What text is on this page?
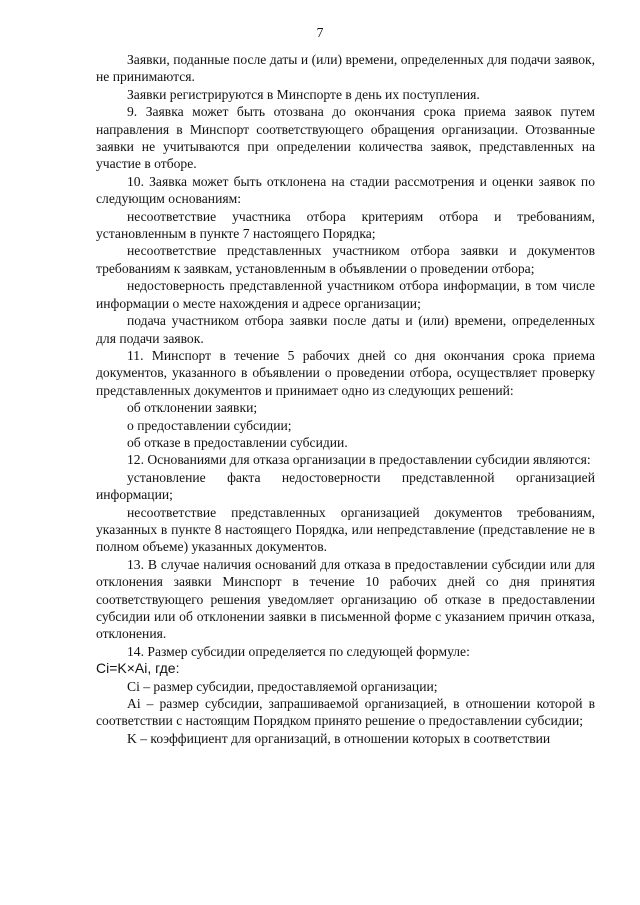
7

Заявки, поданные после даты и (или) времени, определенных для подачи заявок, не принимаются.

Заявки регистрируются в Минспорте в день их поступления.

9. Заявка может быть отозвана до окончания срока приема заявок путем направления в Минспорт соответствующего обращения организации. Отозванные заявки не учитываются при определении количества заявок, представленных на участие в отборе.

10. Заявка может быть отклонена на стадии рассмотрения и оценки заявок по следующим основаниям:

несоответствие участника отбора критериям отбора и требованиям, установленным в пункте 7 настоящего Порядка;

несоответствие представленных участником отбора заявки и документов требованиям к заявкам, установленным в объявлении о проведении отбора;

недостоверность представленной участником отбора информации, в том числе информации о месте нахождения и адресе организации;

подача участником отбора заявки после даты и (или) времени, определенных для подачи заявок.

11. Минспорт в течение 5 рабочих дней со дня окончания срока приема документов, указанного в объявлении о проведении отбора, осуществляет проверку представленных документов и принимает одно из следующих решений:

об отклонении заявки;

о предоставлении субсидии;

об отказе в предоставлении субсидии.

12. Основаниями для отказа организации в предоставлении субсидии являются:

установление факта недостоверности представленной организацией информации;

несоответствие представленных организацией документов требованиям, указанных в пункте 8 настоящего Порядка, или непредставление (представление не в полном объеме) указанных документов.

13. В случае наличия оснований для отказа в предоставлении субсидии или для отклонения заявки Минспорт в течение 10 рабочих дней со дня принятия соответствующего решения уведомляет организацию об отказе в предоставлении субсидии или об отклонении заявки в письменной форме с указанием причин отказа, отклонения.

14. Размер субсидии определяется по следующей формуле:

Ci=K×Ai, где:

Ci – размер субсидии, предоставляемой организации;

Ai – размер субсидии, запрашиваемой организацией, в отношении которой в соответствии с настоящим Порядком принято решение о предоставлении субсидии;

K – коэффициент для организаций, в отношении которых в соответствии
